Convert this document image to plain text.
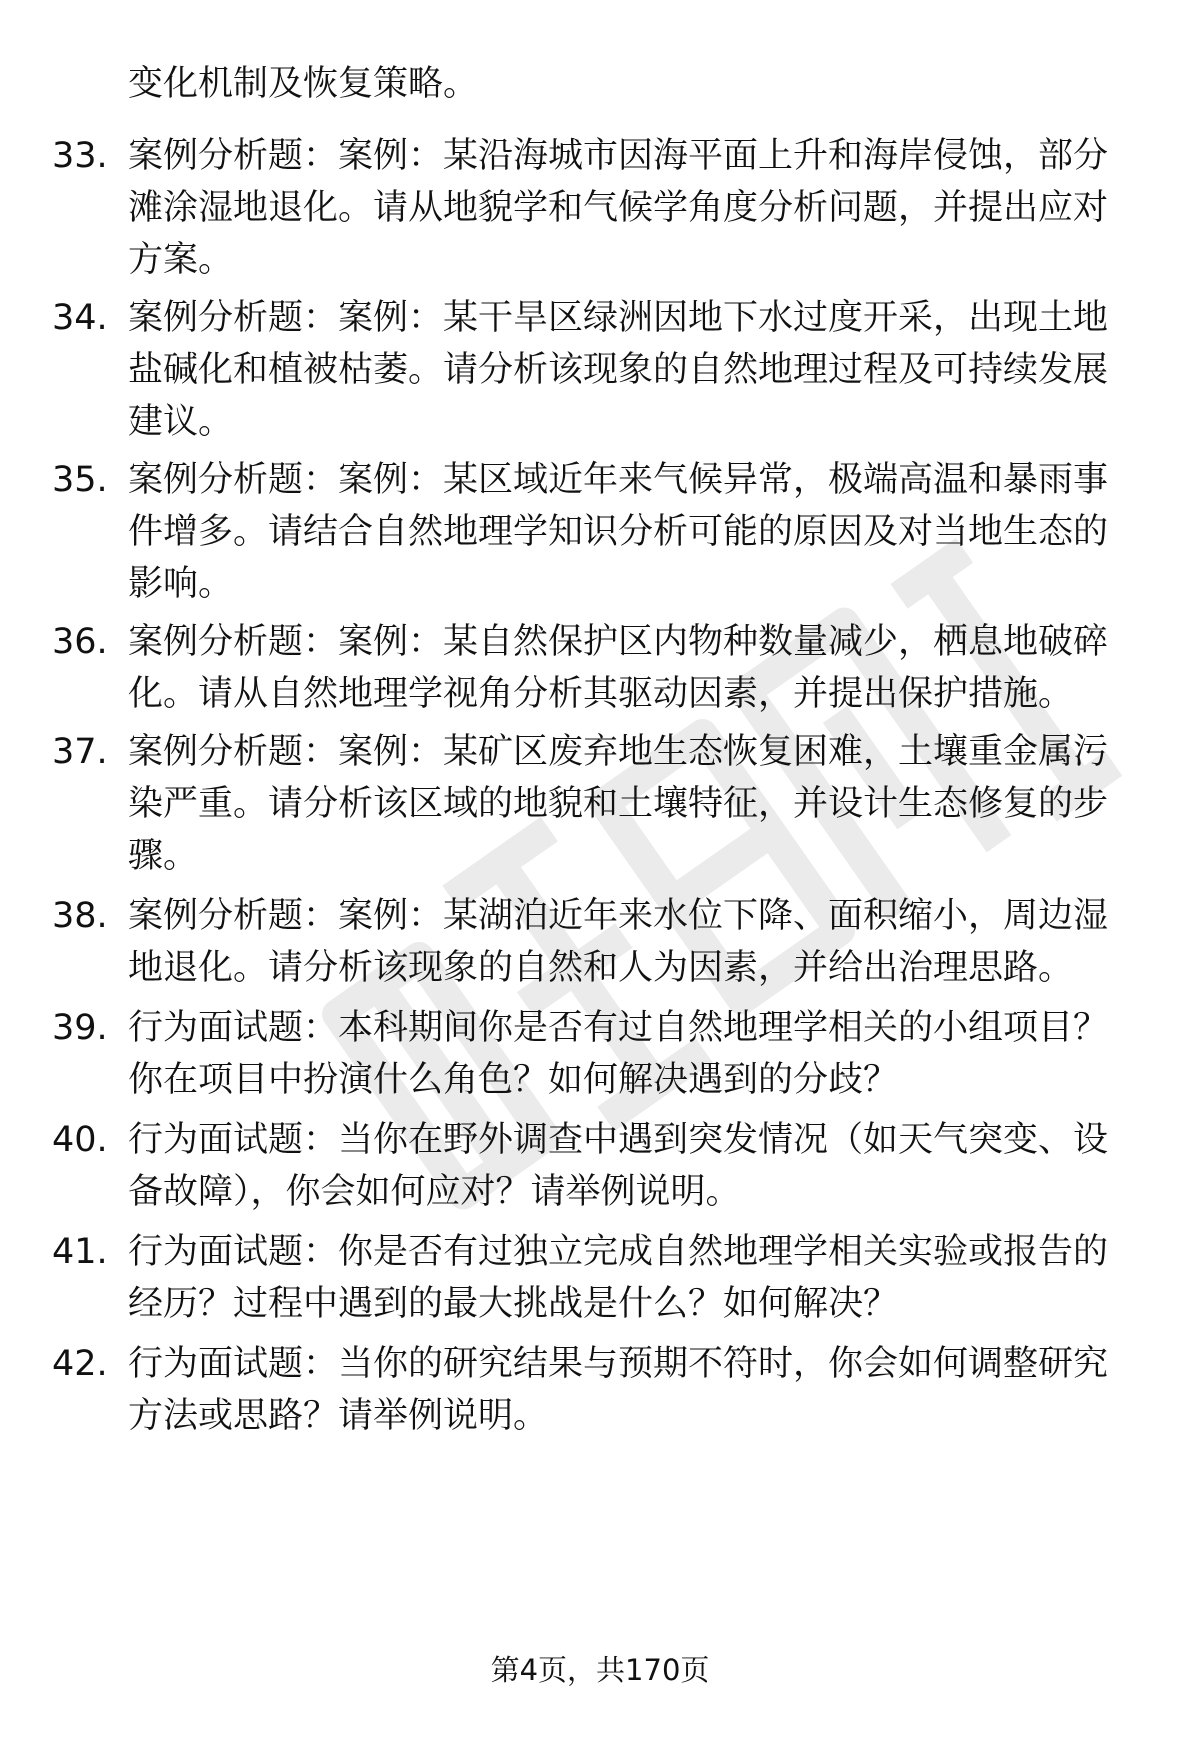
变化机制及恢复策略。

33. 案例分析题：案例：某沿海城市因海平面上升和海岸侵蚀，部分滩涂湿地退化。请从地貌学和气候学角度分析问题，并提出应对方案。

34. 案例分析题：案例：某干旱区绿洲因地下水过度开采，出现土地盐碱化和植被枯萎。请分析该现象的自然地理过程及可持续发展建议。

35. 案例分析题：案例：某区域近年来气候异常，极端高温和暴雨事件增多。请结合自然地理学知识分析可能的原因及对当地生态的影响。

36. 案例分析题：案例：某自然保护区内物种数量减少，栖息地破碎化。请从自然地理学视角分析其驱动因素，并提出保护措施。

37. 案例分析题：案例：某矿区废弃地生态恢复困难，土壤重金属污染严重。请分析该区域的地貌和土壤特征，并设计生态修复的步骤。

38. 案例分析题：案例：某湖泊近年来水位下降、面积缩小，周边湿地退化。请分析该现象的自然和人为因素，并给出治理思路。

39. 行为面试题：本科期间你是否有过自然地理学相关的小组项目？你在项目中扮演什么角色？如何解决遇到的分歧？

40. 行为面试题：当你在野外调查中遇到突发情况（如天气突变、设备故障），你会如何应对？请举例说明。

41. 行为面试题：你是否有过独立完成自然地理学相关实验或报告的经历？过程中遇到的最大挑战是什么？如何解决？

42. 行为面试题：当你的研究结果与预期不符时，你会如何调整研究方法或思路？请举例说明。

第4页，共170页
